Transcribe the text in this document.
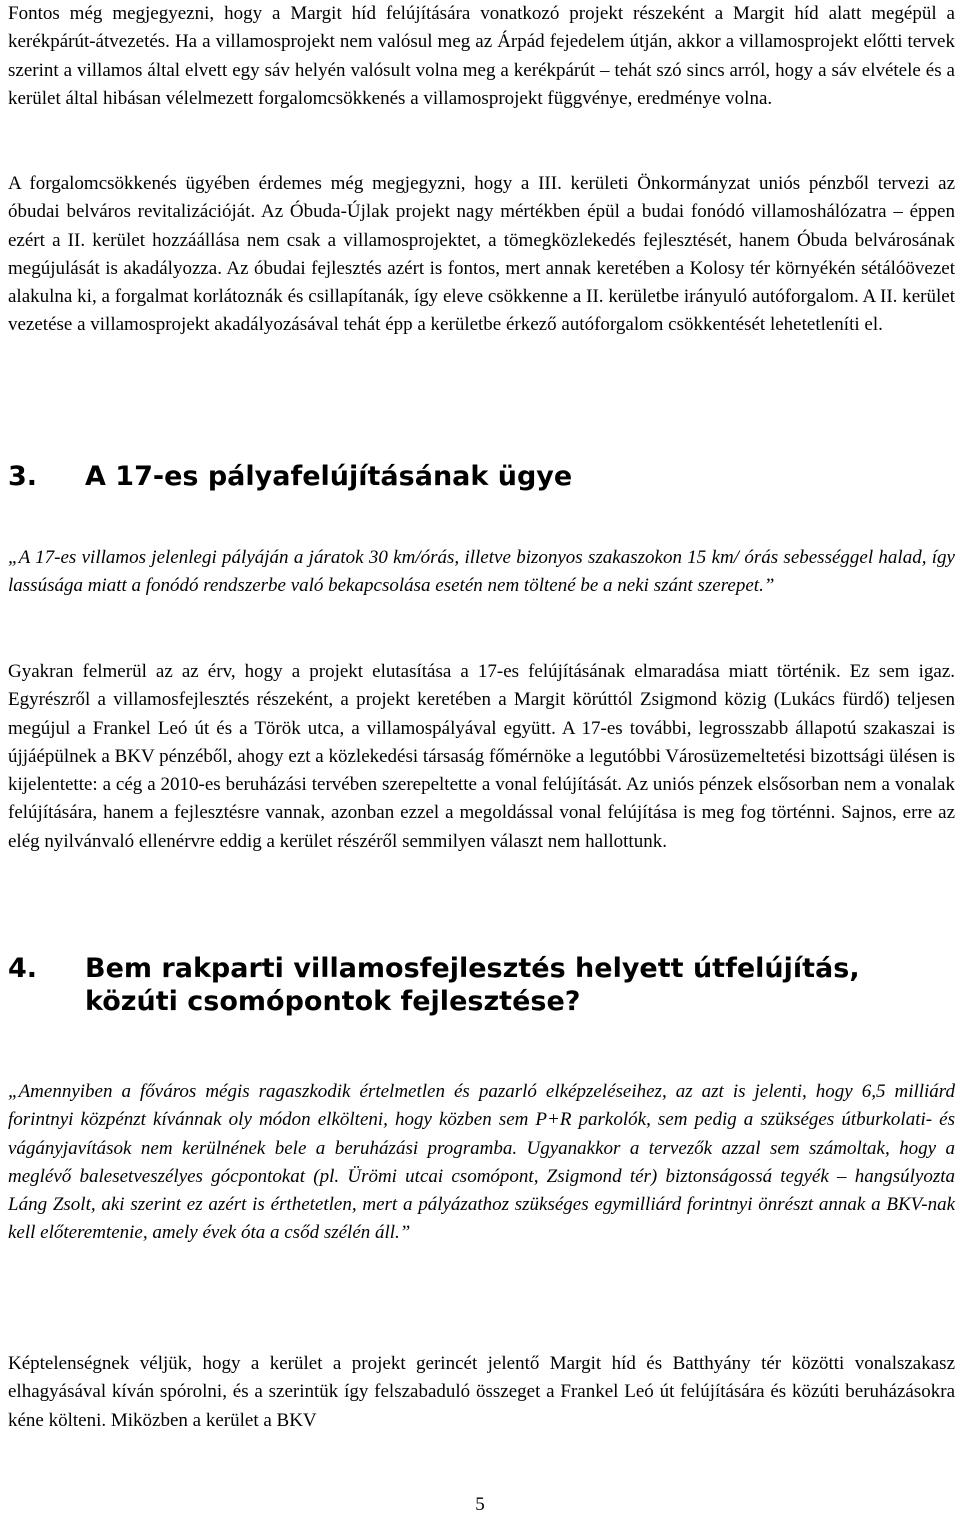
Fontos még megjegyezni, hogy a Margit híd felújítására vonatkozó projekt részeként a Margit híd alatt megépül a kerékpárút-átvezetés. Ha a villamosprojekt nem valósul meg az Árpád fejedelem útján, akkor a villamosprojekt előtti tervek szerint a villamos által elvett egy sáv helyén valósult volna meg a kerékpárút – tehát szó sincs arról, hogy a sáv elvétele és a kerület által hibásan vélelmezett forgalomcsökkenés a villamosprojekt függvénye, eredménye volna.

A forgalomcsökkenés ügyében érdemes még megjegyzni, hogy a III. kerületi Önkormányzat uniós pénzből tervezi az óbudai belváros revitalizációját. Az Óbuda-Újlak projekt nagy mértékben épül a budai fonódó villamoshálózatra – éppen ezért a II. kerület hozzáállása nem csak a villamosprojektet, a tömegközlekedés fejlesztését, hanem Óbuda belvárosának megújulását is akadályozza. Az óbudai fejlesztés azért is fontos, mert annak keretében a Kolosy tér környékén sétálóövezet alakulna ki, a forgalmat korlátoznák és csillapítanák, így eleve csökkenne a II. kerületbe irányuló autóforgalom. A II. kerület vezetése a villamosprojekt akadályozásával tehát épp a kerületbe érkező autóforgalom csökkentését lehetetleníti el.

3.	A 17-es pályafelújításának ügye

„A 17-es villamos jelenlegi pályáján a járatok 30 km/órás, illetve bizonyos szakaszokon 15 km/ órás sebességgel halad, így lassúsága miatt a fonódó rendszerbe való bekapcsolása esetén nem töltené be a neki szánt szerepet.”

Gyakran felmerül az az érv, hogy a projekt elutasítása a 17-es felújításának elmaradása miatt történik. Ez sem igaz. Egyrészről a villamosfejlesztés részeként, a projekt keretében a Margit körúttól Zsigmond közig (Lukács fürdő) teljesen megújul a Frankel Leó út és a Török utca, a villamospályával együtt. A 17-es további, legrosszabb állapotú szakaszai is újjáépülnek a BKV pénzéből, ahogy ezt a közlekedési társaság főmérnöke a legutóbbi Városüzemeltetési bizottsági ülésen is kijelentette: a cég a 2010-es beruházási tervében szerepeltette a vonal felújítását. Az uniós pénzek elsősorban nem a vonalak felújítására, hanem a fejlesztésre vannak, azonban ezzel a megoldással vonal felújítása is meg fog történni. Sajnos, erre az elég nyilvánvaló ellenérvre eddig a kerület részéről semmilyen választ nem hallottunk.

4.	Bem rakparti villamosfejlesztés helyett útfelújítás, közúti csomópontok fejlesztése?

„Amennyiben a főváros mégis ragaszkodik értelmetlen és pazarló elképzeléseihez, az azt is jelenti, hogy 6,5 milliárd forintnyi közpénzt kívánnak oly módon elkölteni, hogy közben sem P+R parkolók, sem pedig a szükséges útburkolati- és vágányjavítások nem kerülnének bele a beruházási programba. Ugyanakkor a tervezők azzal sem számoltak, hogy a meglévő balesetveszélyes gócpontokat (pl. Ürömi utcai csomópont, Zsigmond tér) biztonságossá tegyék – hangsúlyozta Láng Zsolt, aki szerint ez azért is érthetetlen, mert a pályázathoz szükséges egymilliárd forintnyi önrészt annak a BKV-nak kell előteremtenie, amely évek óta a csőd szélén áll.”

Képtelenségnek véljük, hogy a kerület a projekt gerincét jelentő Margit híd és Batthyány tér közötti vonalszakasz elhagyásával kíván spórolni, és a szerintük így felszabaduló összeget a Frankel Leó út felújítására és közúti beruházásokra kéne költeni. Miközben a kerület a BKV

5
